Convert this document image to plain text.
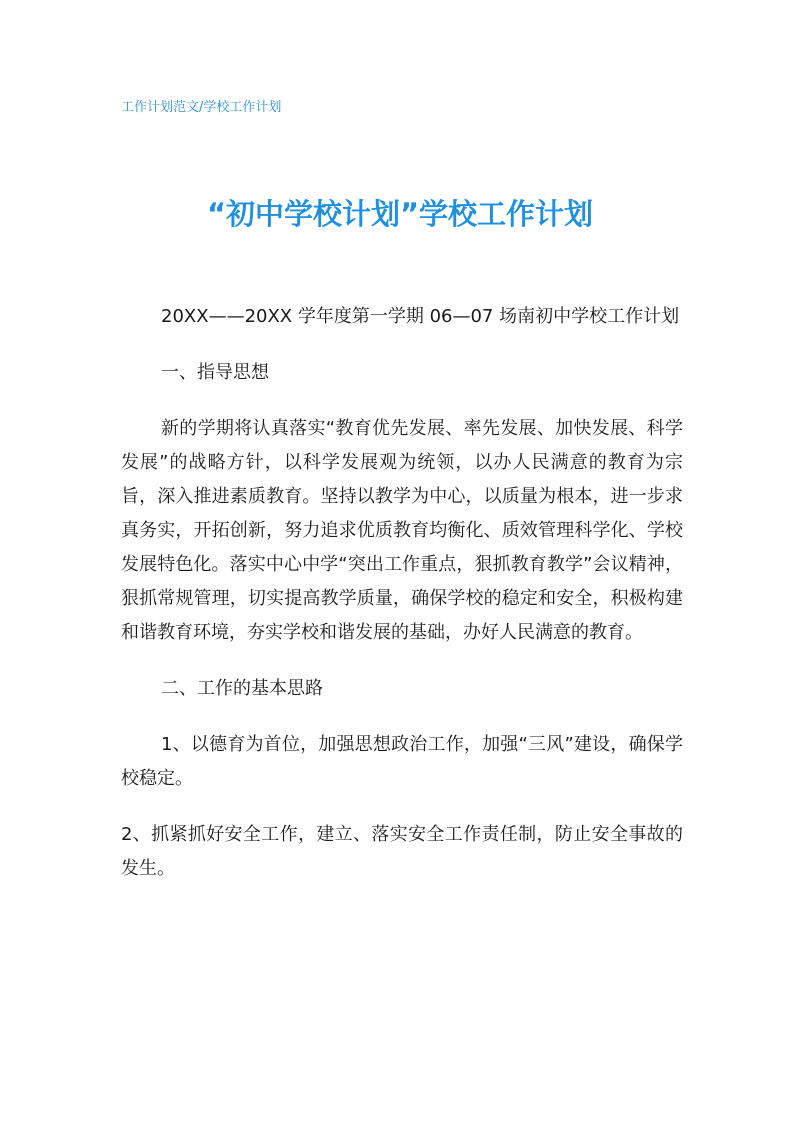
工作计划范文/学校工作计划
“初中学校计划”学校工作计划

20XX——20XX 学年度第一学期 06—07 场南初中学校工作计划

一、指导思想

新的学期将认真落实“教育优先发展、率先发展、加快发展、科学发展”的战略方针，以科学发展观为统领，以办人民满意的教育为宗旨，深入推进素质教育。坚持以教学为中心，以质量为根本，进一步求真务实，开拓创新，努力追求优质教育均衡化、质效管理科学化、学校发展特色化。落实中心中学“突出工作重点，狠抓教育教学”会议精神，狠抓常规管理，切实提高教学质量，确保学校的稳定和安全，积极构建和谐教育环境，夯实学校和谐发展的基础，办好人民满意的教育。

二、工作的基本思路

1、以德育为首位，加强思想政治工作，加强“三风”建设，确保学校稳定。

2、抓紧抓好安全工作，建立、落实安全工作责任制，防止安全事故的发生。
